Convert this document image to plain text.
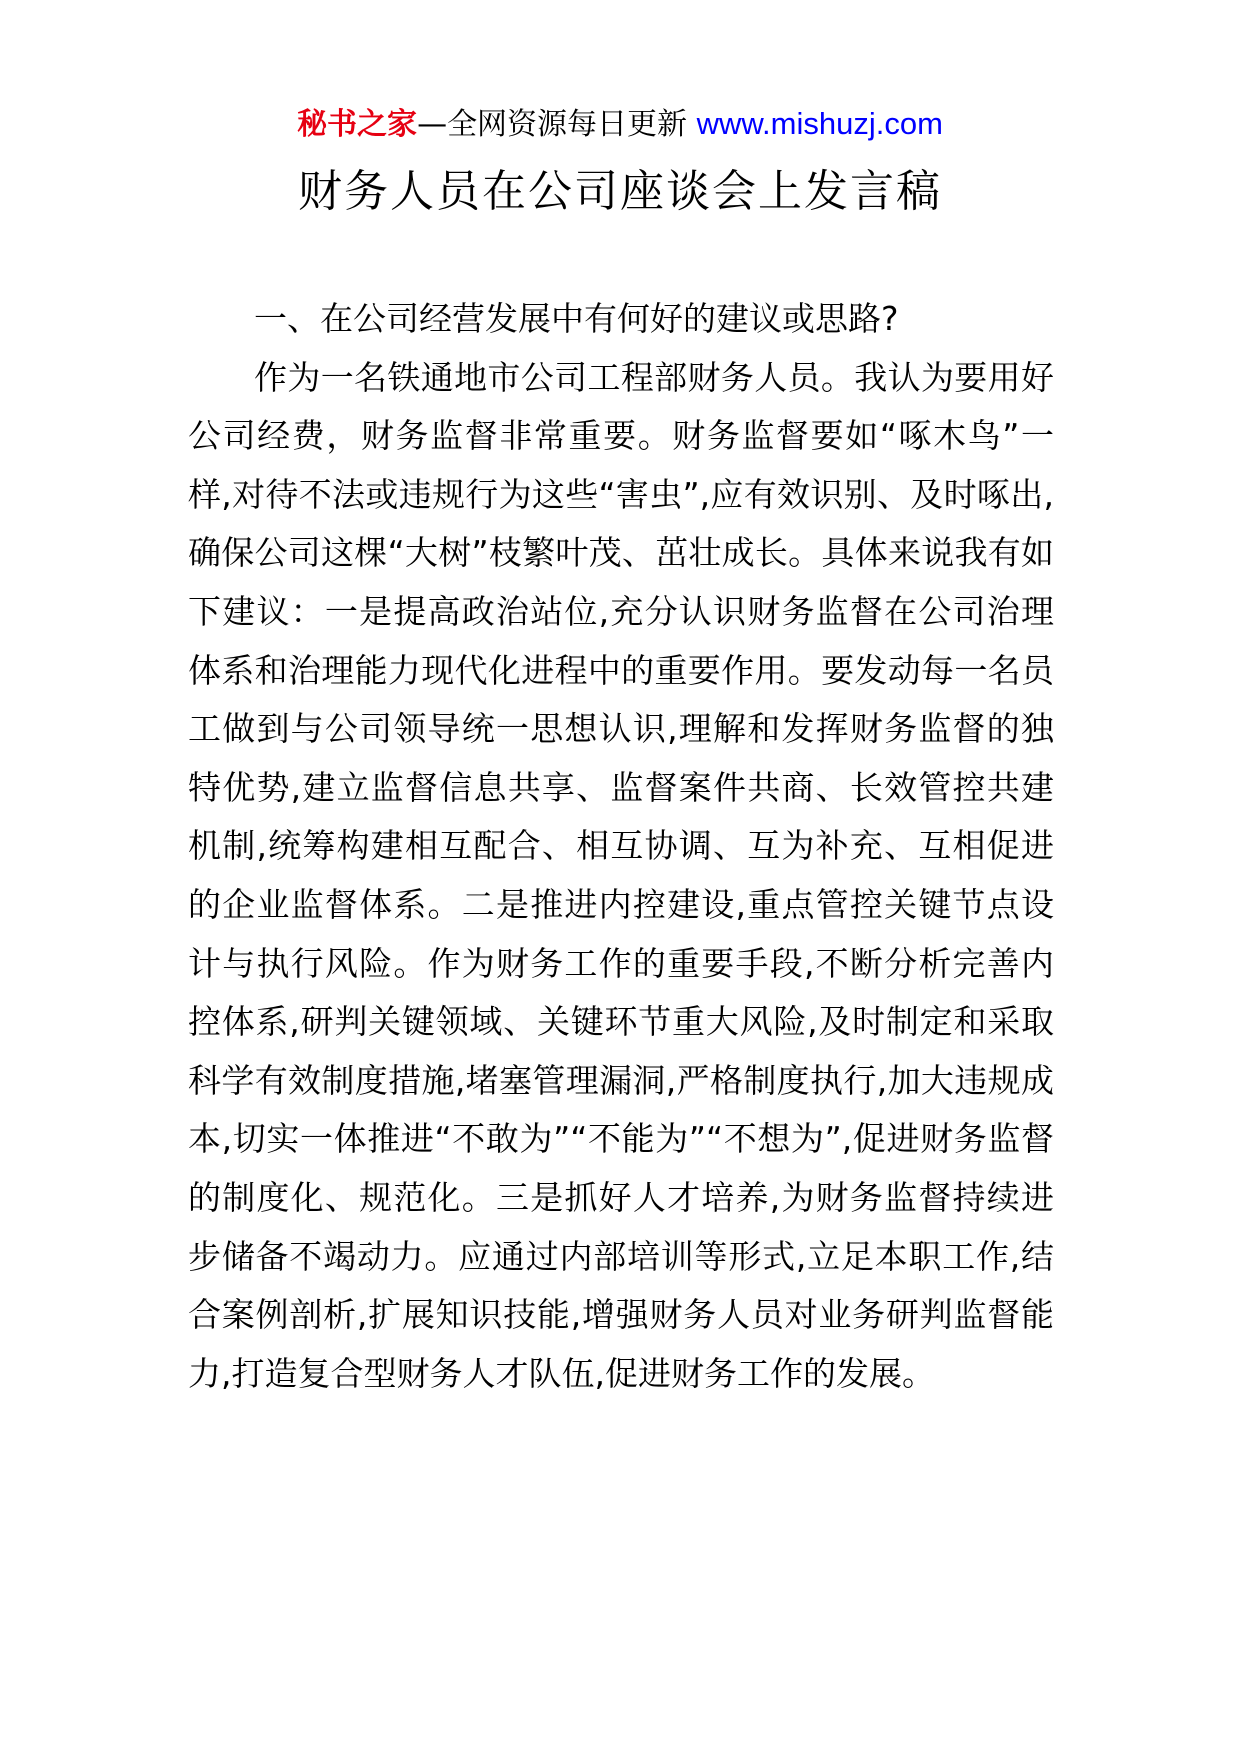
秘书之家—全网资源每日更新 www.mishuzj.com
财务人员在公司座谈会上发言稿

一、在公司经营发展中有何好的建议或思路?

作为一名铁通地市公司工程部财务人员。我认为要用好公司经费，财务监督非常重要。财务监督要如“啄木鸟”一样,对待不法或违规行为这些“害虫”,应有效识别、及时啄出,确保公司这棵“大树”枝繁叶茂、茁壮成长。具体来说我有如下建议：一是提高政治站位,充分认识财务监督在公司治理体系和治理能力现代化进程中的重要作用。要发动每一名员工做到与公司领导统一思想认识,理解和发挥财务监督的独特优势,建立监督信息共享、监督案件共商、长效管控共建机制,统筹构建相互配合、相互协调、互为补充、互相促进的企业监督体系。二是推进内控建设,重点管控关键节点设计与执行风险。作为财务工作的重要手段,不断分析完善内控体系,研判关键领域、关键环节重大风险,及时制定和采取科学有效制度措施,堵塞管理漏洞,严格制度执行,加大违规成本,切实一体推进“不敢为”“不能为”“不想为”,促进财务监督的制度化、规范化。三是抓好人才培养,为财务监督持续进步储备不竭动力。应通过内部培训等形式,立足本职工作,结合案例剖析,扩展知识技能,增强财务人员对业务研判监督能力,打造复合型财务人才队伍,促进财务工作的发展。
